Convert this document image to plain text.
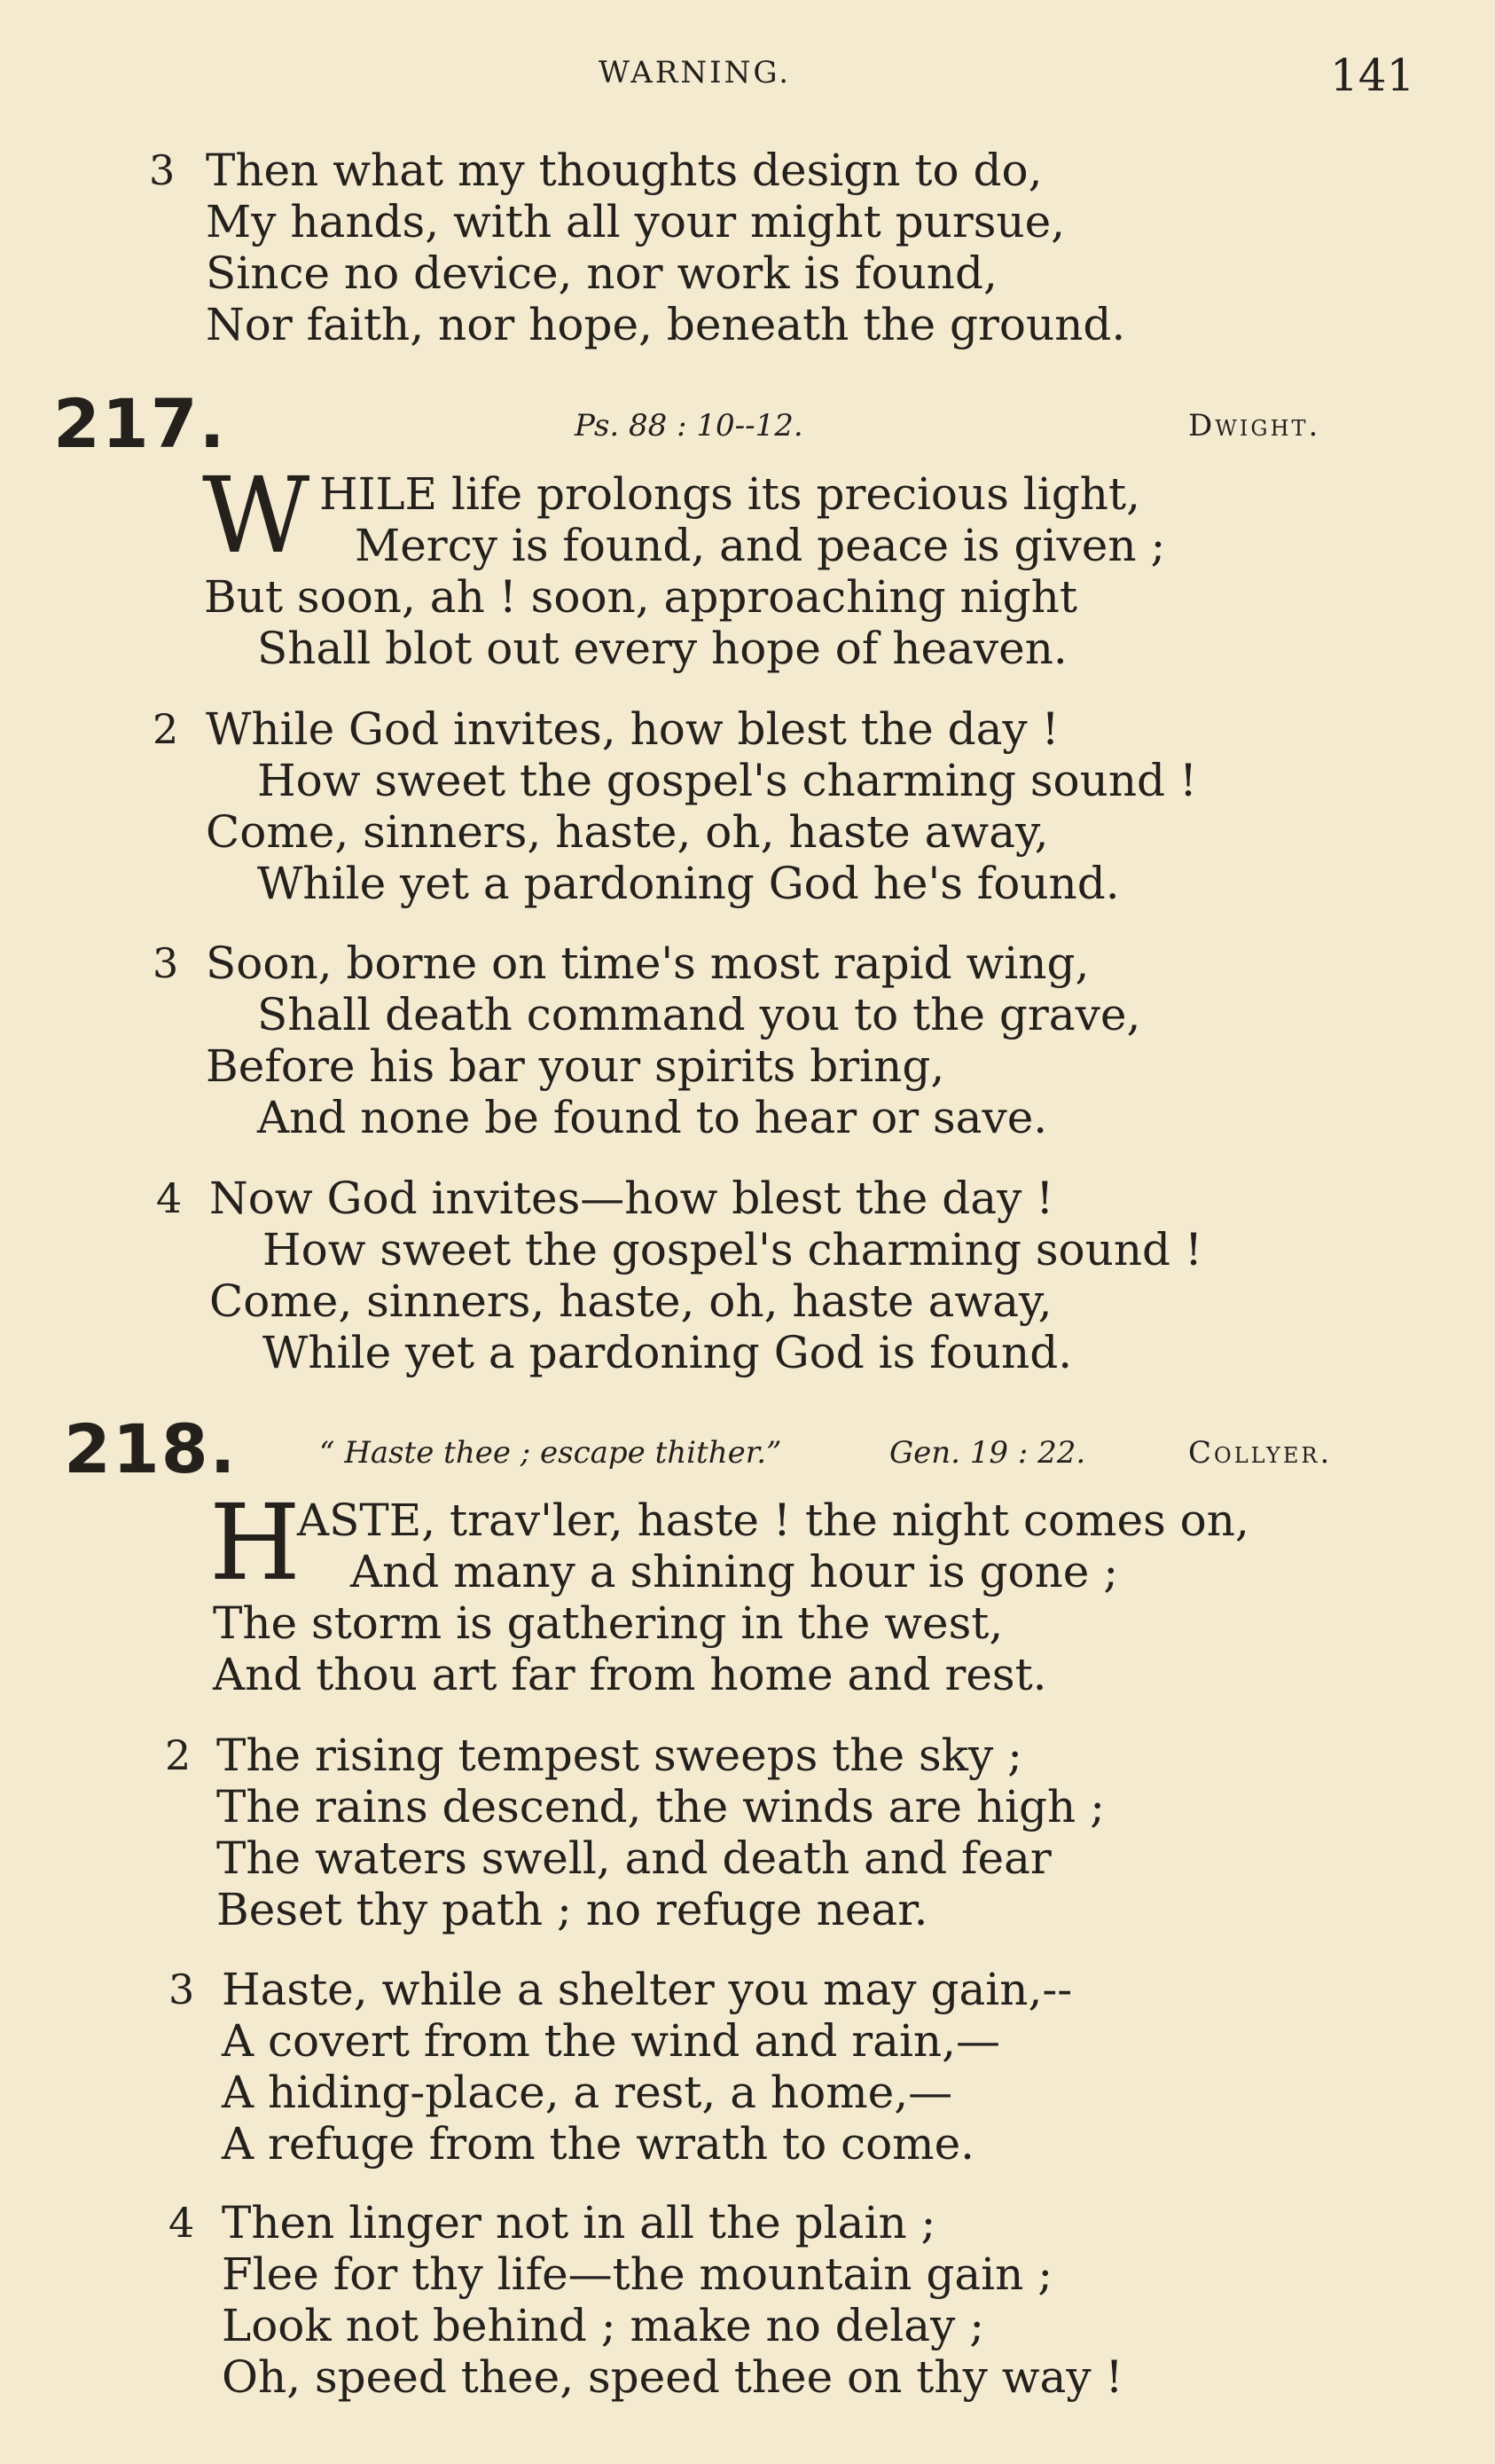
WARNING.	141
3 Then what my thoughts design to do,
My hands, with all your might pursue,
Since no device, nor work is found,
Nor faith, nor hope, beneath the ground.
217.	Ps. 88 : 10--12.	Dwight.
W HILE life prolongs its precious light,
Mercy is found, and peace is given ;
But soon, ah ! soon, approaching night
Shall blot out every hope of heaven.
2 While God invites, how blest the day !
How sweet the gospel's charming sound !
Come, sinners, haste, oh, haste away,
While yet a pardoning God he's found.
3 Soon, borne on time's most rapid wing,
Shall death command you to the grave,
Before his bar your spirits bring,
And none be found to hear or save.
4 Now God invites—how blest the day !
How sweet the gospel's charming sound !
Come, sinners, haste, oh, haste away,
While yet a pardoning God is found.
218.	“ Haste thee ; escape thither.”	Gen. 19 : 22.	Collyer.
H
ASTE, trav'ler, haste ! the night comes on,
And many a shining hour is gone ;
The storm is gathering in the west,
And thou art far from home and rest.
2 The rising tempest sweeps the sky ;
The rains descend, the winds are high ;
The waters swell, and death and fear
Beset thy path ; no refuge near.
3 Haste, while a shelter you may gain,--
A covert from the wind and rain,—
A hiding-place, a rest, a home,—
A refuge from the wrath to come.
4 Then linger not in all the plain ;
Flee for thy life—the mountain gain ;
Look not behind ; make no delay ;
Oh, speed thee, speed thee on thy way !
